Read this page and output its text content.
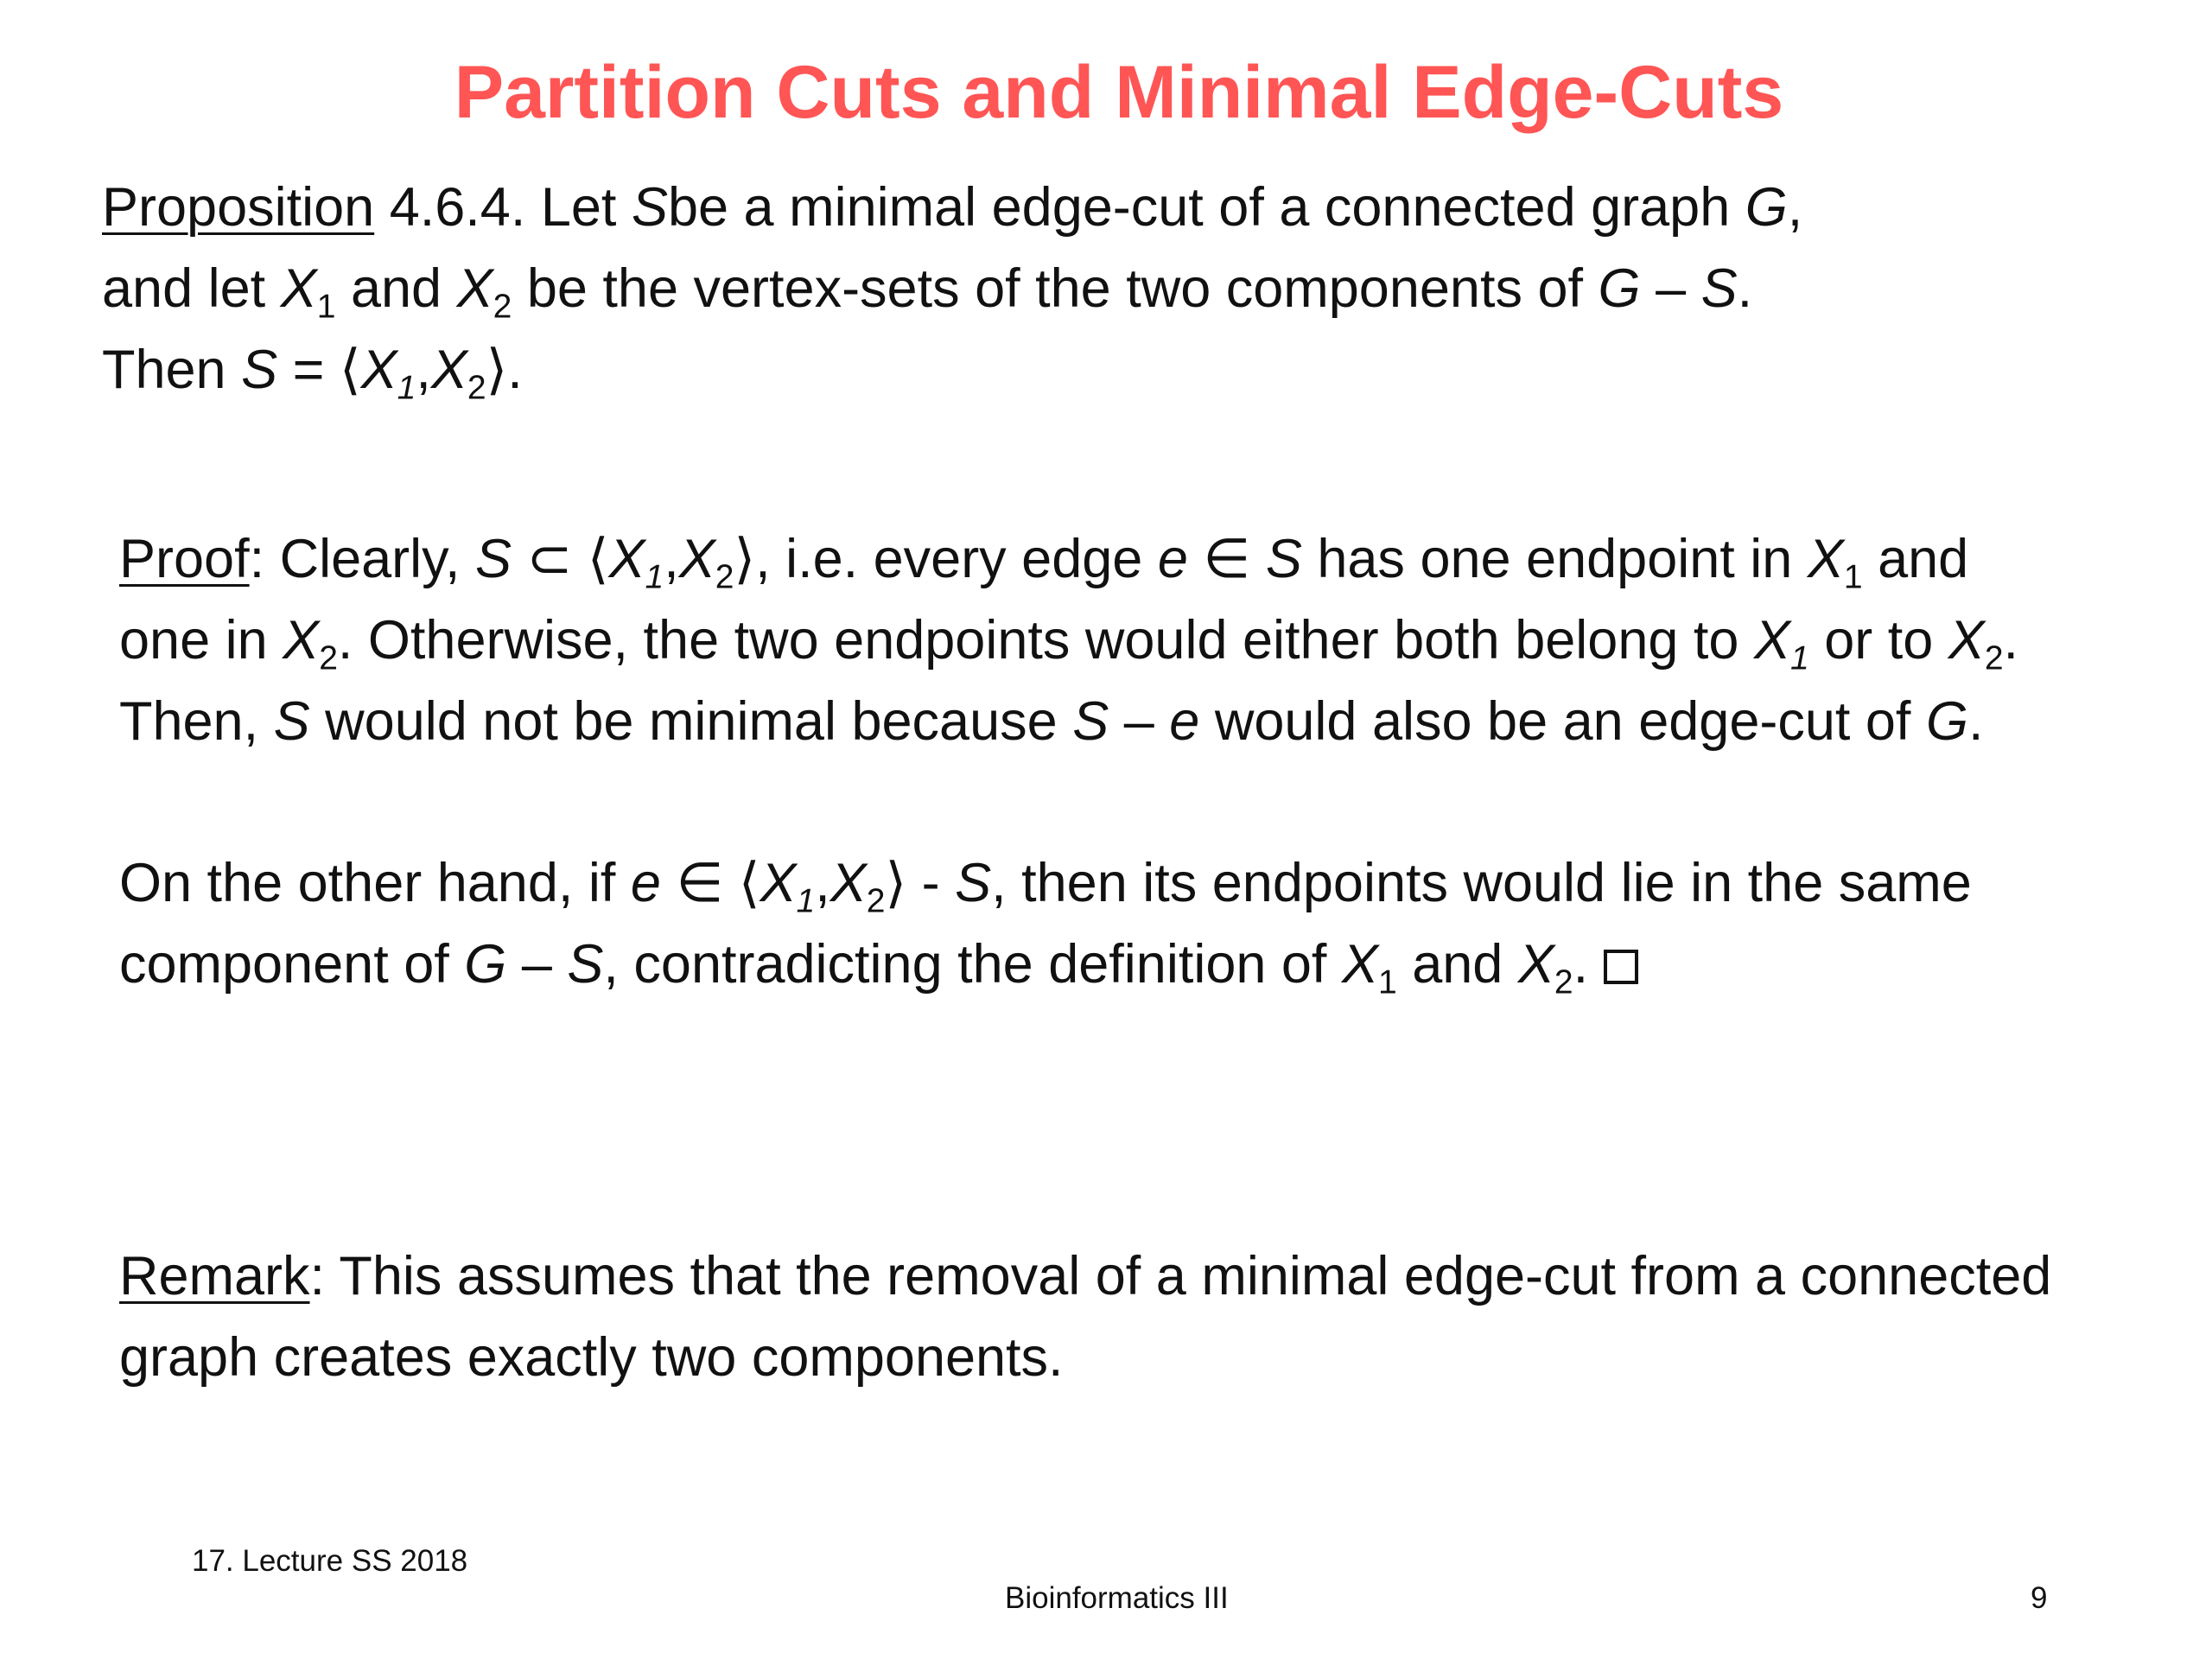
Partition Cuts and Minimal Edge-Cuts
Proposition 4.6.4. Let Sbe a minimal edge-cut of a connected graph G,
and let $X_1$ and $X_2$ be the vertex-sets of the two components of G – S.
Then $S = ⟨X_1,X_2⟩$.
Proof: Clearly, S ⊂ $⟨X_1,X_2⟩$, i.e. every edge e ∈ S has one endpoint in $X_1$ and
one in $X_2$. Otherwise, the two endpoints would either both belong to $X_1$ or to $X_2$.
Then, S would not be minimal because S – e would also be an edge-cut of G.
On the other hand, if e ∈ $⟨X_1,X_2⟩$ - S, then its endpoints would lie in the same
component of G – S, contradicting the definition of $X_1$ and $X_2$.
Remark: This assumes that the removal of a minimal edge-cut from a connected
graph creates exactly two components.
17. Lecture SS 2018
Bioinformatics III	9
